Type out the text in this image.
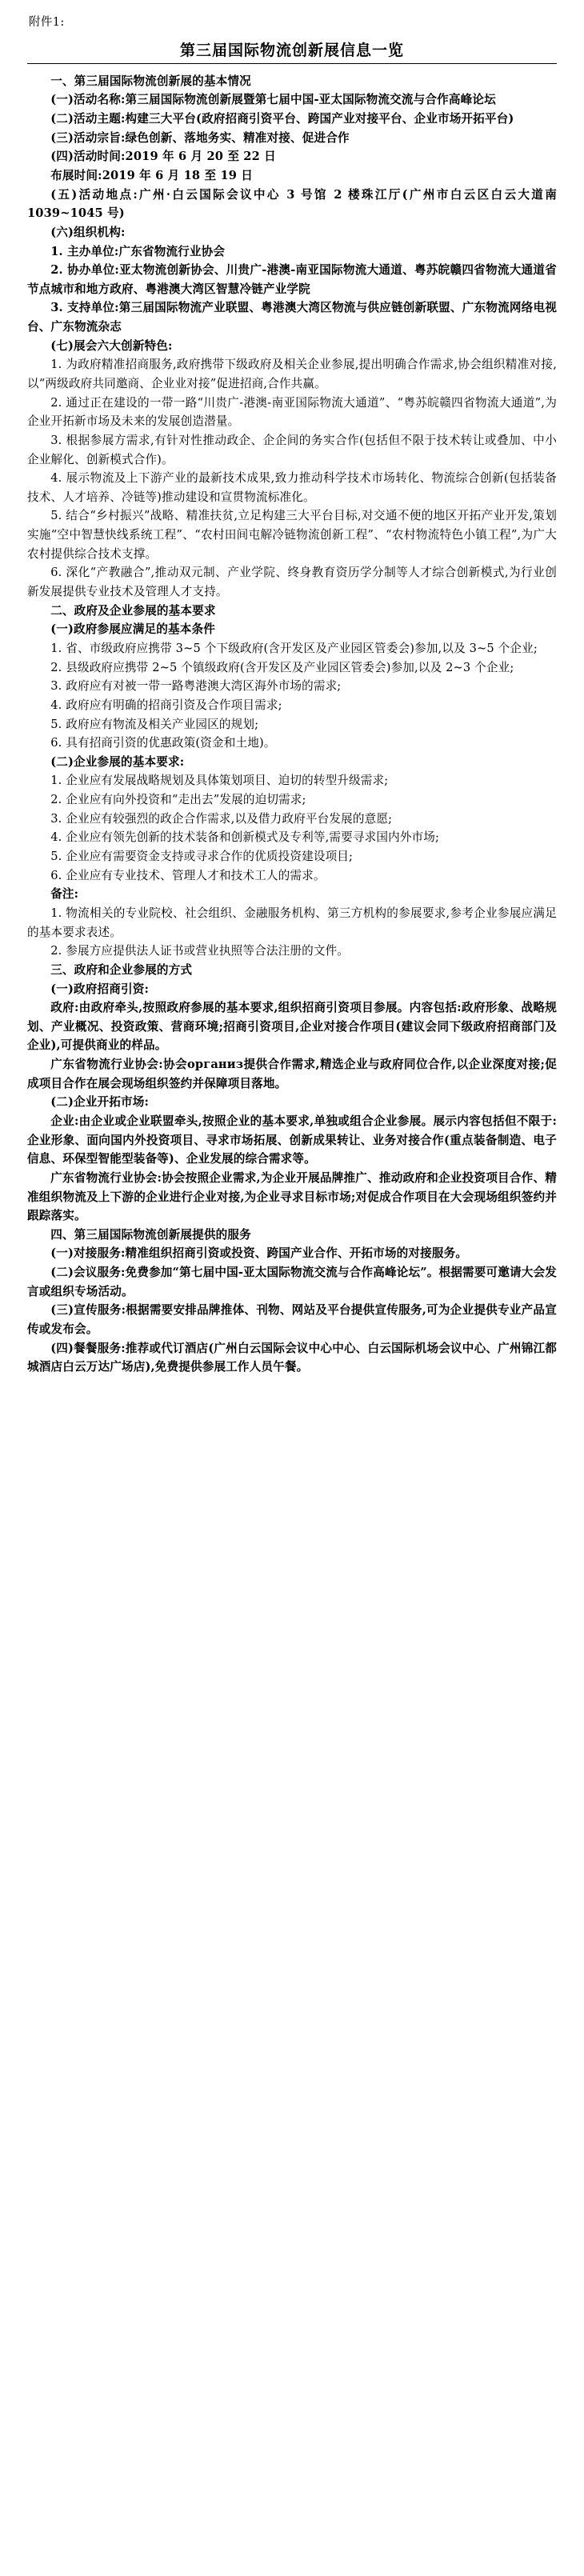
附件1:

第三届国际物流创新展信息一览

一、第三届国际物流创新展的基本情况

(一)活动名称:第三届国际物流创新展暨第七届中国-亚太国际物流交流与合作高峰论坛

(二)活动主题:构建三大平台(政府招商引资平台、跨国产业对接平台、企业市场开拓平台)

(三)活动宗旨:绿色创新、落地务实、精准对接、促进合作

(四)活动时间:2019 年 6 月 20 至 22 日

布展时间:2019 年 6 月 18 至 19 日

(五)活动地点:广州·白云国际会议中心 3 号馆 2 楼珠江厅(广州市白云区白云大道南 1039~1045 号)

(六)组织机构:

1. 主办单位:广东省物流行业协会

2. 协办单位:亚太物流创新协会、川贵广-港澳-南亚国际物流大通道、粤苏皖赣四省物流大通道省节点城市和地方政府、粤港澳大湾区智慧冷链产业学院

3. 支持单位:第三届国际物流产业联盟、粤港澳大湾区物流与供应链创新联盟、广东物流网络电视台、广东物流杂志

(七)展会六大创新特色:

1. 为政府精准招商服务,政府携带下级政府及相关企业参展,提出明确合作需求,协会组织精准对接,以“两级政府共同邀商、企业业对接”促进招商,合作共赢。

2. 通过正在建设的一带一路“川贵广-港澳-南亚国际物流大通道”、“粤苏皖赣四省物流大通道”,为企业开拓新市场及未来的发展创造潜量。

3. 根据参展方需求,有针对性推动政企、企企间的务实合作(包括但不限于技术转让或叠加、中小企业解化、创新模式合作)。

4. 展示物流及上下游产业的最新技术成果,致力推动科学技术市场转化、物流综合创新(包括装备技术、人才培养、冷链等)推动建设和宣贯物流标准化。

5. 结合“乡村振兴”战略、精准扶贫,立足构建三大平台目标,对交通不便的地区开拓产业开发,策划实施“空中智慧快线系统工程”、“农村田间屯解冷链物流创新工程”、“农村物流特色小镇工程”,为广大农村提供综合技术支撑。

6. 深化“产教融合”,推动双元制、产业学院、终身教育资历学分制等人才综合创新模式,为行业创新发展提供专业技术及管理人才支持。

二、政府及企业参展的基本要求

(一)政府参展应满足的基本条件

1. 省、市级政府应携带 3~5 个下级政府(含开发区及产业园区管委会)参加,以及 3~5 个企业;

2. 县级政府应携带 2~5 个镇级政府(含开发区及产业园区管委会)参加,以及 2~3 个企业;

3. 政府应有对被一带一路粤港澳大湾区海外市场的需求;

4. 政府应有明确的招商引资及合作项目需求;

5. 政府应有物流及相关产业园区的规划;

6. 具有招商引资的优惠政策(资金和土地)。

(二)企业参展的基本要求:

1. 企业应有发展战略规划及具体策划项目、迫切的转型升级需求;

2. 企业应有向外投资和“走出去”发展的迫切需求;

3. 企业应有较强烈的政企合作需求,以及借力政府平台发展的意愿;

4. 企业应有领先创新的技术装备和创新模式及专利等,需要寻求国内外市场;

5. 企业应有需要资金支持或寻求合作的优质投资建设项目;

6. 企业应有专业技术、管理人才和技术工人的需求。

备注:

1. 物流相关的专业院校、社会组织、金融服务机构、第三方机构的参展要求,参考企业参展应满足的基本要求表述。

2. 参展方应提供法人证书或营业执照等合法注册的文件。

三、政府和企业参展的方式

(一)政府招商引资:

政府:由政府牵头,按照政府参展的基本要求,组织招商引资项目参展。内容包括:政府形象、战略规划、产业概况、投资政策、营商环境;招商引资项目,企业对接合作项目(建议会同下级政府招商部门及企业),可提供商业的样品。

广东省物流行业协会:协会организ提供合作需求,精选企业与政府同位合作,以企业深度对接;促成项目合作在展会现场组织签约并保障项目落地。

(二)企业开拓市场:

企业:由企业或企业联盟牵头,按照企业的基本要求,单独或组合企业参展。展示内容包括但不限于:企业形象、面向国内外投资项目、寻求市场拓展、创新成果转让、业务对接合作(重点装备制造、电子信息、环保型智能型装备等)、企业发展的综合需求等。

广东省物流行业协会:协会按照企业需求,为企业开展品牌推广、推动政府和企业投资项目合作、精准组织物流及上下游的企业进行企业对接,为企业寻求目标市场;对促成合作项目在大会现场组织签约并跟踪落实。

四、第三届国际物流创新展提供的服务

(一)对接服务:精准组织招商引资或投资、跨国产业合作、开拓市场的对接服务。

(二)会议服务:免费参加“第七届中国-亚太国际物流交流与合作高峰论坛”。根据需要可邀请大会发言或组织专场活动。

(三)宣传服务:根据需要安排品牌推体、刊物、网站及平台提供宣传服务,可为企业提供专业产品宣传或发布会。

(四)餐餐服务:推荐或代订酒店(广州白云国际会议中心中心、白云国际机场会议中心、广州锦江都城酒店白云万达广场店),免费提供参展工作人员午餐。
